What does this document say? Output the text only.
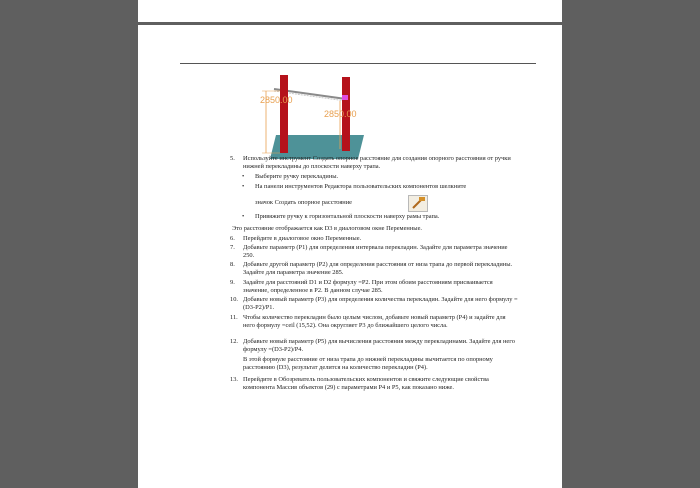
2850.00
2850.00
5. Используйте инструмент Создать опорное расстояние для создания опорного расстояния от ручки нижней перекладины до плоскости наверху трапа.
• Выберите ручку перекладины.
• На панели инструментов Редактора пользовательских компонентов шелкните
значок Создать опорное расстояние
• Привяжите ручку к горизонтальной плоскости наверху рамы трапа.
Это расстояние отображается как D3 в диалоговом окне Переменные.
6. Перейдите в диалоговое окно Переменные.
7. Добавьте параметр (P1) для определения интервала перекладин. Задайте для параметра значение 250.
8. Добавьте другой параметр (P2) для определения расстояния от низа трапа до первой перекладины. Задайте для параметра значение 285.
9. Задайте для расстояний D1 и D2 формулу =P2. При этом обоим расстояниям присваивается значение, определенное в P2. В данном случае 285.
10. Добавьте новый параметр (P3) для определения количества перекладин. Задайте для него формулу =(D3-P2)/P1.
11. Чтобы количество перекладин было целым числом, добавьте новый параметр (P4) и задайте для него формулу =ceil (15,52). Она округляет P3 до ближайшего целого числа.
12. Добавьте новый параметр (P5) для вычисления расстояния между перекладинами. Задайте для него формулу =(D3-P2)/P4.
В этой формуле расстояние от низа трапа до нижней перекладины вычитается по опорному расстоянию (D3), результат делится на количество перекладин (P4).
13. Перейдите в Обозреватель пользовательских компонентов и свяжите следующие свойства компонента Массив объектов (29) с параметрами P4 и P5, как показано ниже.
